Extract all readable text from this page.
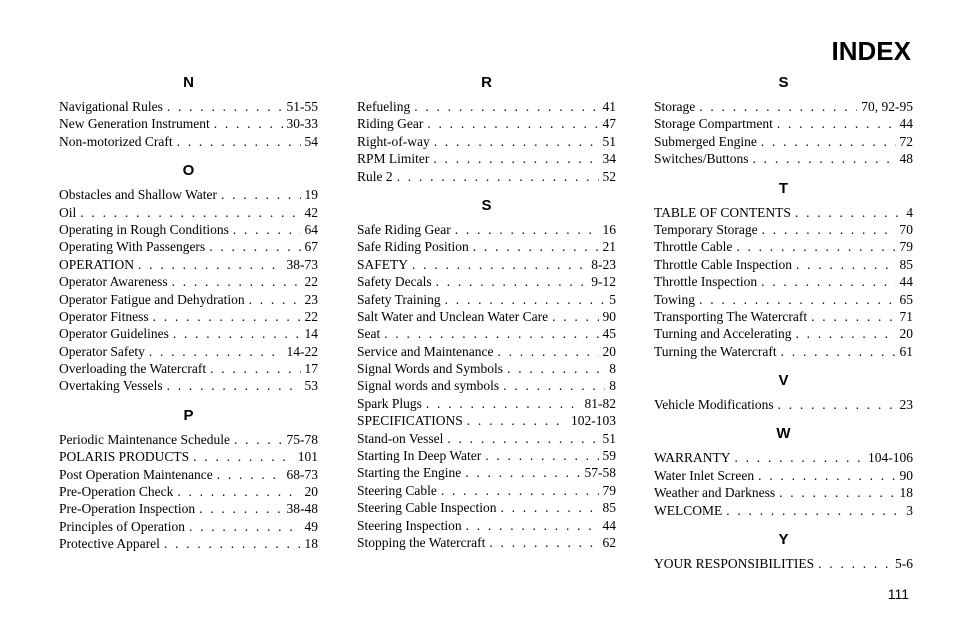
INDEX
N
Navigational Rules . . .	51-55
New Generation Instrument . . .	30-33
Non-motorized Craft . . .	54
O
Obstacles and Shallow Water . . .	19
Oil . . .	42
Operating in Rough Conditions . . .	64
Operating With Passengers . . .	67
OPERATION . . .	38-73
Operator Awareness . . .	22
Operator Fatigue and Dehydration . . .	23
Operator Fitness . . .	22
Operator Guidelines . . .	14
Operator Safety . . .	14-22
Overloading the Watercraft . . .	17
Overtaking Vessels . . .	53
P
Periodic Maintenance Schedule . . .	75-78
POLARIS PRODUCTS . . .	101
Post Operation Maintenance . . .	68-73
Pre-Operation Check . . .	20
Pre-Operation Inspection . . .	38-48
Principles of Operation . . .	49
Protective Apparel . . .	18
R
Refueling . . .	41
Riding Gear . . .	47
Right-of-way . . .	51
RPM Limiter . . .	34
Rule 2 . . .	52
S
Safe Riding Gear . . .	16
Safe Riding Position . . .	21
SAFETY . . .	8-23
Safety Decals . . .	9-12
Safety Training . . .	5
Salt Water and Unclean Water Care . . .	90
Seat . . .	45
Service and Maintenance . . .	20
Signal Words and Symbols . . .	8
Signal words and symbols . . .	8
Spark Plugs . . .	81-82
SPECIFICATIONS . . .	102-103
Stand-on Vessel . . .	51
Starting In Deep Water . . .	59
Starting the Engine . . .	57-58
Steering Cable . . .	79
Steering Cable Inspection . . .	85
Steering Inspection . . .	44
Stopping the Watercraft . . .	62
S
Storage . . .	70, 92-95
Storage Compartment . . .	44
Submerged Engine . . .	72
Switches/Buttons . . .	48
T
TABLE OF CONTENTS . . .	4
Temporary Storage . . .	70
Throttle Cable . . .	79
Throttle Cable Inspection . . .	85
Throttle Inspection . . .	44
Towing . . .	65
Transporting The Watercraft . . .	71
Turning and Accelerating . . .	20
Turning the Watercraft . . .	61
V
Vehicle Modifications . . .	23
W
WARRANTY . . .	104-106
Water Inlet Screen . . .	90
Weather and Darkness . . .	18
WELCOME . . .	3
Y
YOUR RESPONSIBILITIES . . .	5-6
111
